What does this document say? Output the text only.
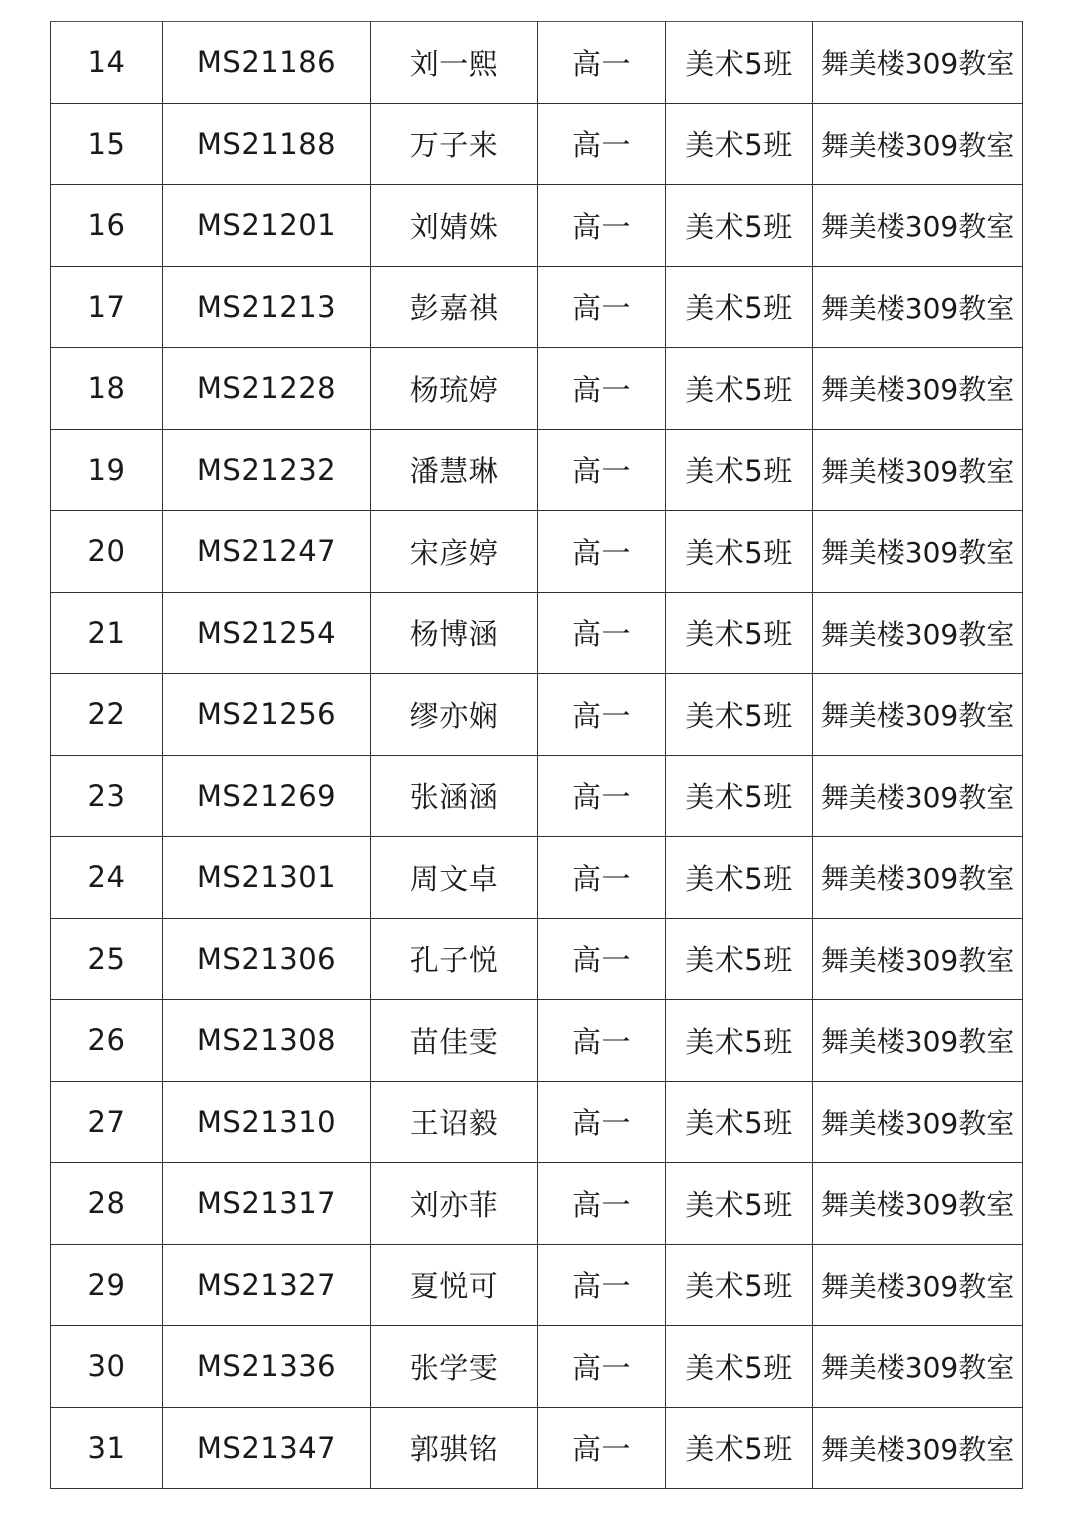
14	MS21186	刘一熙	高一	美术5班	舞美楼309教室
15	MS21188	万子来	高一	美术5班	舞美楼309教室
16	MS21201	刘婧姝	高一	美术5班	舞美楼309教室
17	MS21213	彭嘉祺	高一	美术5班	舞美楼309教室
18	MS21228	杨琉婷	高一	美术5班	舞美楼309教室
19	MS21232	潘慧琳	高一	美术5班	舞美楼309教室
20	MS21247	宋彦婷	高一	美术5班	舞美楼309教室
21	MS21254	杨博涵	高一	美术5班	舞美楼309教室
22	MS21256	缪亦娴	高一	美术5班	舞美楼309教室
23	MS21269	张涵涵	高一	美术5班	舞美楼309教室
24	MS21301	周文卓	高一	美术5班	舞美楼309教室
25	MS21306	孔子悦	高一	美术5班	舞美楼309教室
26	MS21308	苗佳雯	高一	美术5班	舞美楼309教室
27	MS21310	王诏毅	高一	美术5班	舞美楼309教室
28	MS21317	刘亦菲	高一	美术5班	舞美楼309教室
29	MS21327	夏悦可	高一	美术5班	舞美楼309教室
30	MS21336	张学雯	高一	美术5班	舞美楼309教室
31	MS21347	郭骐铭	高一	美术5班	舞美楼309教室
